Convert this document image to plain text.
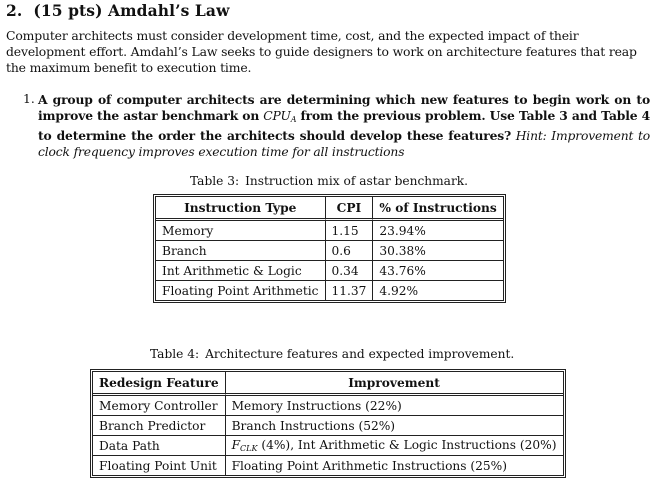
2. (15 pts) Amdahl’s Law
Computer architects must consider development time, cost, and the expected impact of their development effort. Amdahl’s Law seeks to guide designers to work on architecture features that reap the maximum benefit to execution time.
1. A group of computer architects are determining which new features to begin work on to improve the astar benchmark on $CPU_A$ from the previous problem. Use Table 3 and Table 4 to determine the order the architects should develop these features? Hint: Improvement to clock frequency improves execution time for all instructions
Table 3: Instruction mix of astar benchmark.
Instruction Type	CPI	% of Instructions
Memory	1.15	23.94%
Branch	0.6	30.38%
Int Arithmetic & Logic	0.34	43.76%
Floating Point Arithmetic	11.37	4.92%
Table 4: Architecture features and expected improvement.
Redesign Feature	Improvement
Memory Controller	Memory Instructions (22%)
Branch Predictor	Branch Instructions (52%)
Data Path	$F_{CLK}$ (4%), Int Arithmetic & Logic Instructions (20%)
Floating Point Unit	Floating Point Arithmetic Instructions (25%)
